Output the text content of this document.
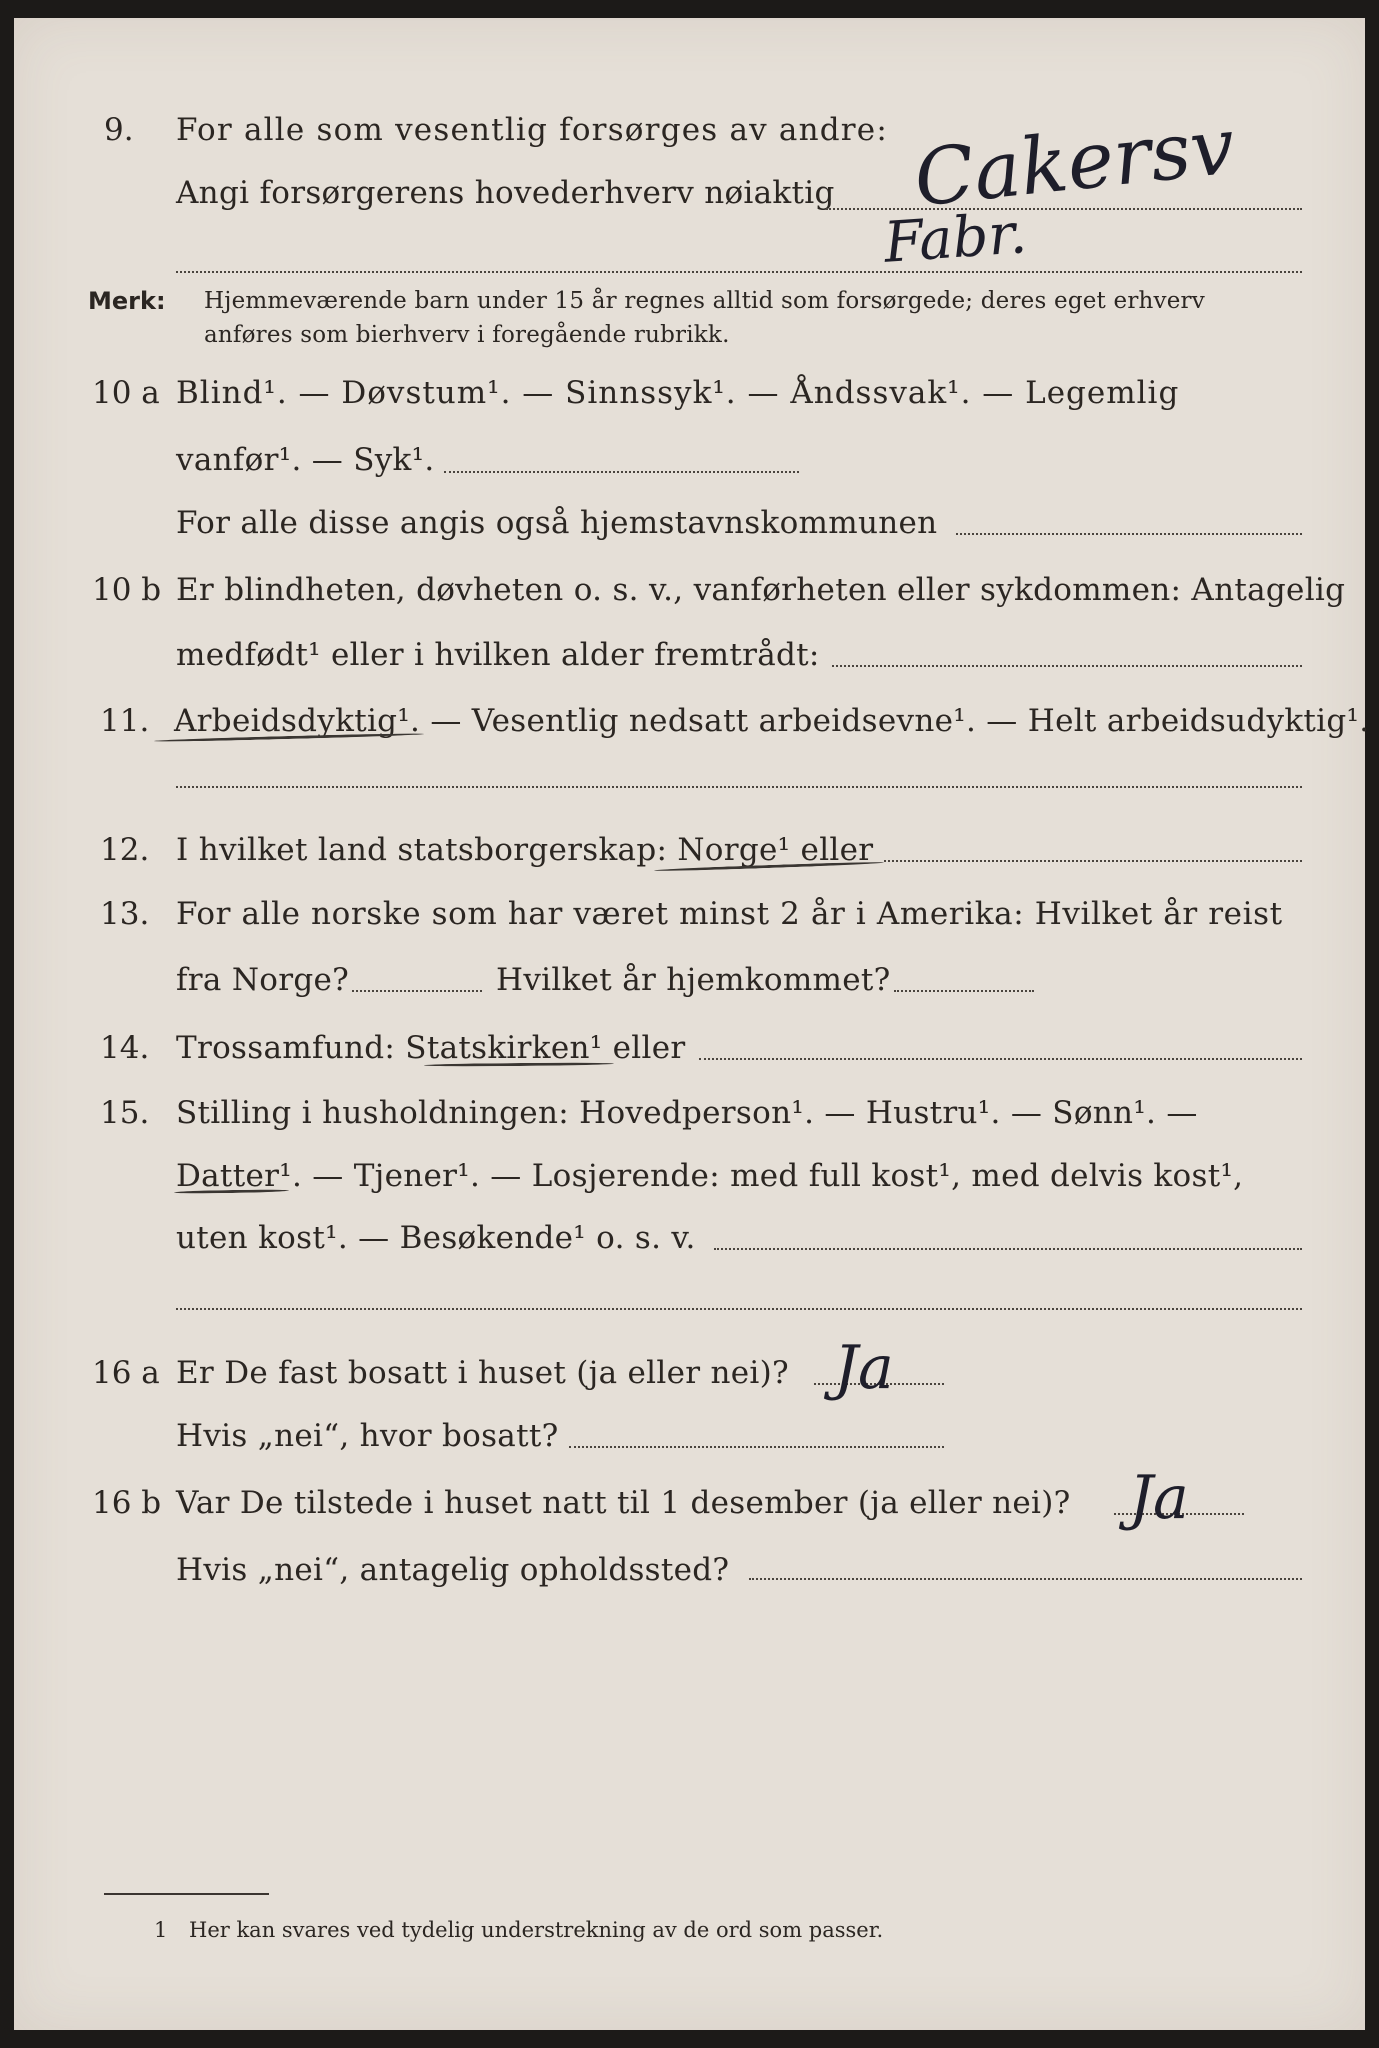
9. For alle som vesentlig forsørges av andre:
Angi forsørgerens hovederhverv nøiaktig Cakersv
Fabr.
Merk: Hjemmeværende barn under 15 år regnes alltid som forsørgede; deres eget erhverv
anføres som bierhverv i foregående rubrikk.
10 a Blind¹. — Døvstum¹. — Sinnssyk¹. — Åndssvak¹. — Legemlig
vanfør¹. — Syk¹.
For alle disse angis også hjemstavnskommunen
10 b Er blindheten, døvheten o. s. v., vanførheten eller sykdommen: Antagelig
medfødt¹ eller i hvilken alder fremtrådt:
11. Arbeidsdyktig¹. — Vesentlig nedsatt arbeidsevne¹. — Helt arbeidsudyktig¹.
12. I hvilket land statsborgerskap: Norge¹ eller
13. For alle norske som har været minst 2 år i Amerika: Hvilket år reist
fra Norge?	Hvilket år hjemkommet?
14. Trossamfund: Statskirken¹ eller
15. Stilling i husholdningen: Hovedperson¹. — Hustru¹. — Sønn¹. —
Datter¹. — Tjener¹. — Losjerende: med full kost¹, med delvis kost¹,
uten kost¹. — Besøkende¹ o. s. v.
16 a Er De fast bosatt i huset (ja eller nei)? Ja
Hvis „nei“, hvor bosatt?
16 b Var De tilstede i huset natt til 1 desember (ja eller nei)? Ja
Hvis „nei“, antagelig opholdssted?
1 Her kan svares ved tydelig understrekning av de ord som passer.
